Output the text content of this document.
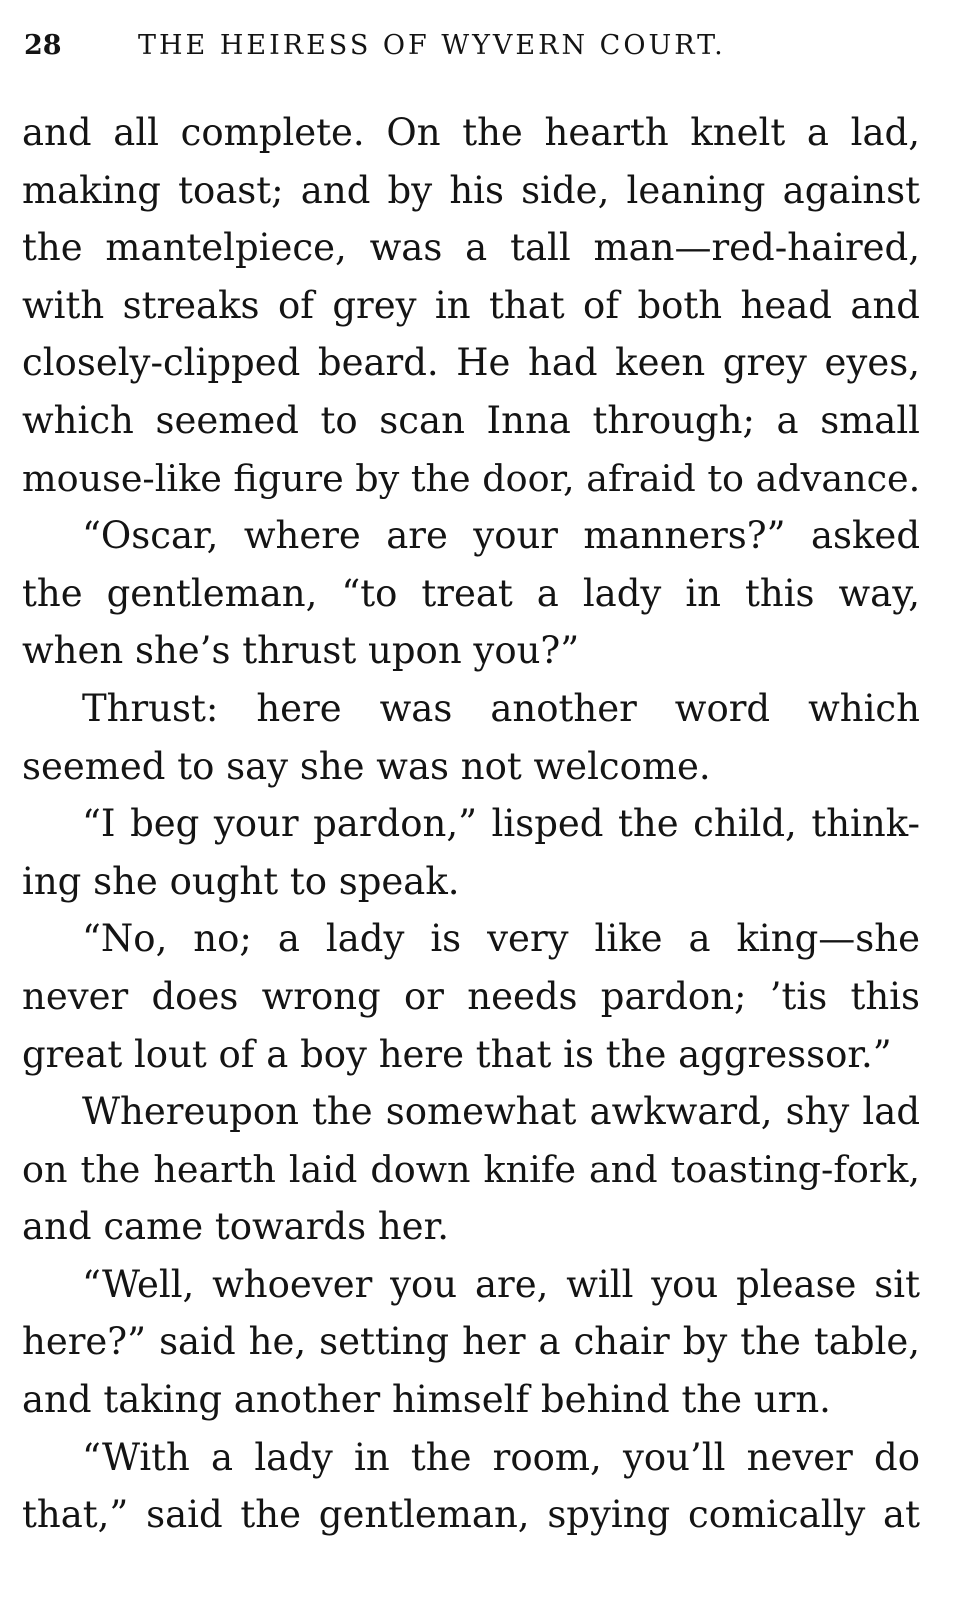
28	THE HEIRESS OF WYVERN COURT.
and all complete. On the hearth knelt a lad,
making toast; and by his side, leaning against
the mantelpiece, was a tall man—red-haired,
with streaks of grey in that of both head and
closely-clipped beard. He had keen grey eyes,
which seemed to scan Inna through; a small
mouse-like figure by the door, afraid to advance.
“Oscar, where are your manners?” asked
the gentleman, “to treat a lady in this way,
when she’s thrust upon you?”
Thrust: here was another word which
seemed to say she was not welcome.
“I beg your pardon,” lisped the child, think-
ing she ought to speak.
“No, no; a lady is very like a king—she
never does wrong or needs pardon; ’tis this
great lout of a boy here that is the aggressor.”
Whereupon the somewhat awkward, shy lad
on the hearth laid down knife and toasting-fork,
and came towards her.
“Well, whoever you are, will you please sit
here?” said he, setting her a chair by the table,
and taking another himself behind the urn.
“With a lady in the room, you’ll never do
that,” said the gentleman, spying comically at
